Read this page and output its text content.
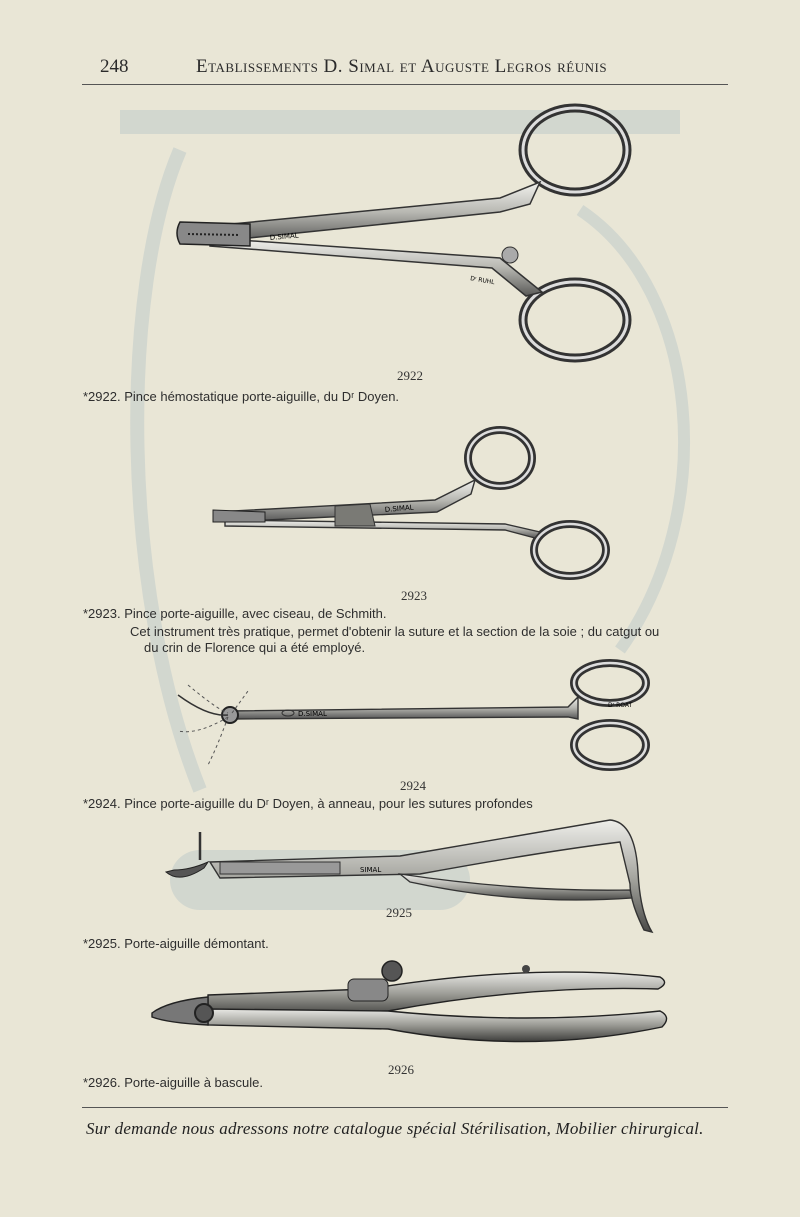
248	Etablissements D. Simal et Auguste Legros réunis
D.SIMAL
Dʳ RUHL
2922
*2922. Pince hémostatique porte-aiguille, du Dʳ Doyen.
D.SIMAL
2923
*2923. Pince porte-aiguille, avec ciseau, de Schmith.
Cet instrument très pratique, permet d'obtenir la suture et la section de la soie ; du catgut ou
du crin de Florence qui a été employé.
D.SIMAL
Dʳ ROAT
2924
*2924. Pince porte-aiguille du Dʳ Doyen, à anneau, pour les sutures profondes
SIMAL
2925
*2925. Porte-aiguille démontant.
2926
*2926. Porte-aiguille à bascule.
Sur demande nous adressons notre catalogue spécial Stérilisation, Mobilier chirurgical.
